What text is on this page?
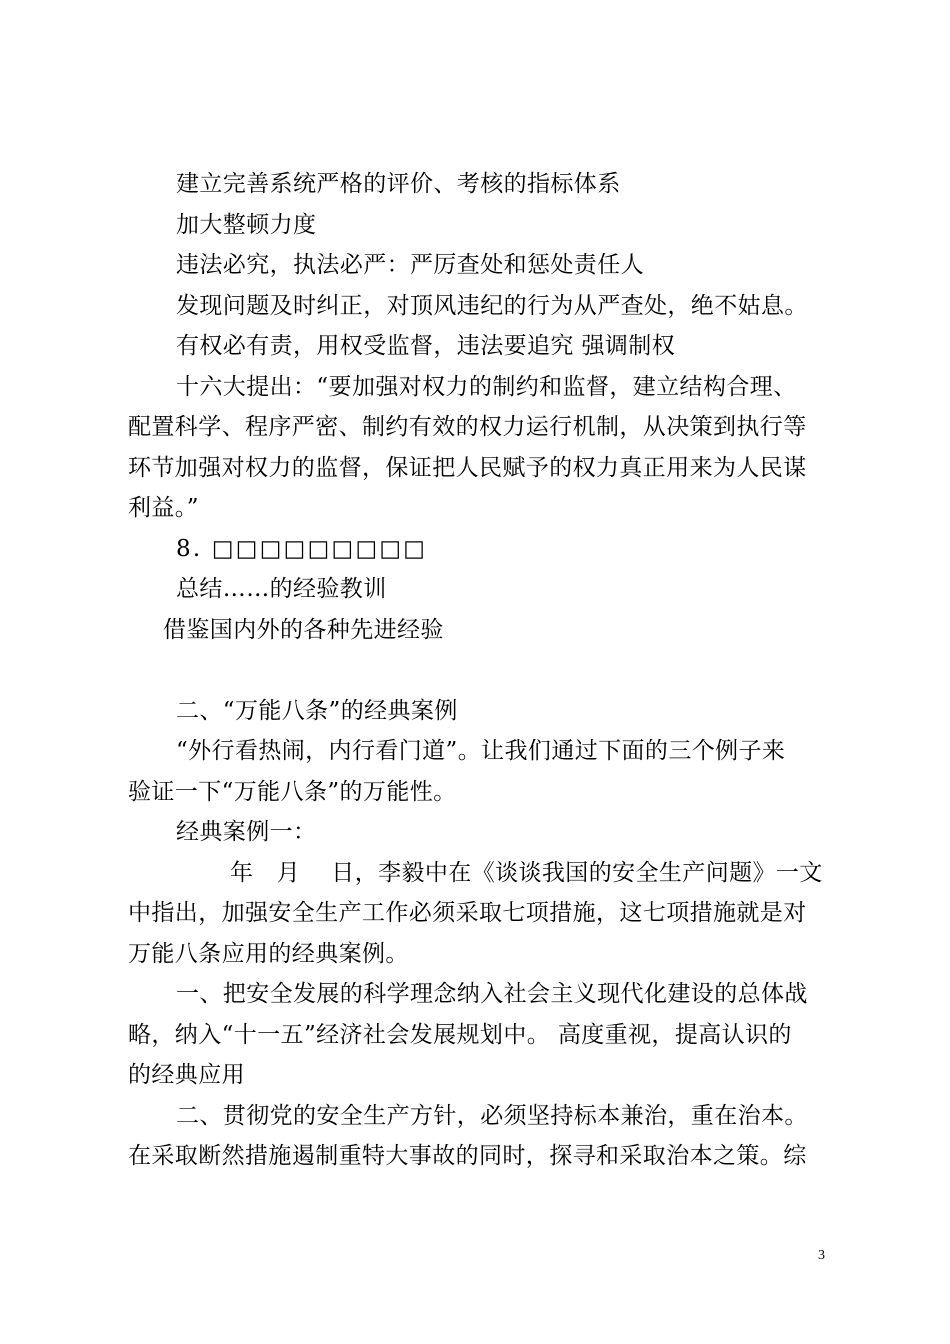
建立完善系统严格的评价、考核的指标体系
加大整顿力度
违法必究，执法必严：严厉查处和惩处责任人
发现问题及时纠正，对顶风违纪的行为从严查处，绝不姑息。
有权必有责，用权受监督，违法要追究 强调制权
十六大提出：“要加强对权力的制约和监督，建立结构合理、
配置科学、程序严密、制约有效的权力运行机制，从决策到执行等
环节加强对权力的监督，保证把人民赋予的权力真正用来为人民谋
利益。”
8. □□□□□□□□□
总结……的经验教训
借鉴国内外的各种先进经验
二、“万能八条”的经典案例
“外行看热闹，内行看门道”。让我们通过下面的三个例子来
验证一下“万能八条”的万能性。
经典案例一：
年　月　 日，李毅中在《谈谈我国的安全生产问题》一文
中指出，加强安全生产工作必须采取七项措施，这七项措施就是对
万能八条应用的经典案例。
一、把安全发展的科学理念纳入社会主义现代化建设的总体战
略，纳入“十一五”经济社会发展规划中。 高度重视，提高认识的
的经典应用
二、贯彻党的安全生产方针，必须坚持标本兼治，重在治本。
在采取断然措施遏制重特大事故的同时，探寻和采取治本之策。综
3
